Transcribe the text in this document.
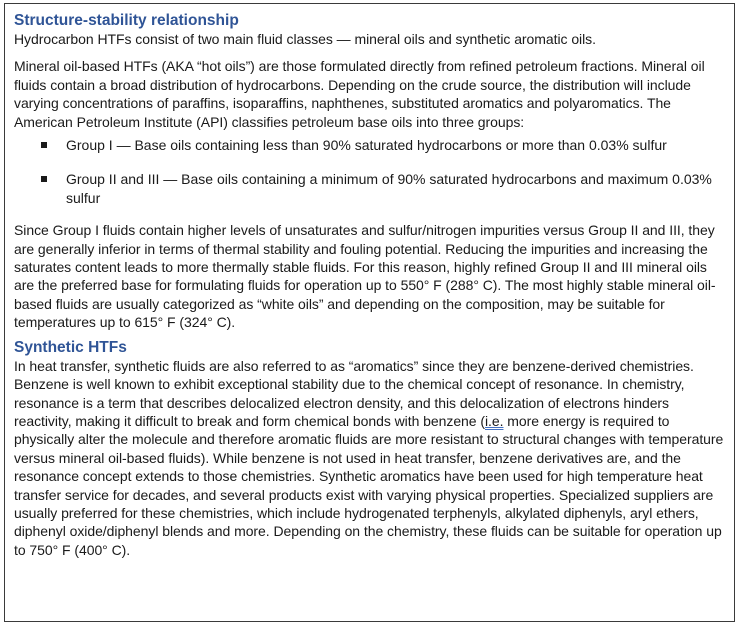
Structure-stability relationship

Hydrocarbon HTFs consist of two main fluid classes — mineral oils and synthetic aromatic oils.

Mineral oil-based HTFs (AKA “hot oils”) are those formulated directly from refined petroleum fractions. Mineral oil fluids contain a broad distribution of hydrocarbons. Depending on the crude source, the distribution will include varying concentrations of paraffins, isoparaffins, naphthenes, substituted aromatics and polyaromatics. The American Petroleum Institute (API) classifies petroleum base oils into three groups:

Group I — Base oils containing less than 90% saturated hydrocarbons or more than 0.03% sulfur
Group II and III — Base oils containing a minimum of 90% saturated hydrocarbons and maximum 0.03% sulfur

Since Group I fluids contain higher levels of unsaturates and sulfur/nitrogen impurities versus Group II and III, they are generally inferior in terms of thermal stability and fouling potential. Reducing the impurities and increasing the saturates content leads to more thermally stable fluids. For this reason, highly refined Group II and III mineral oils are the preferred base for formulating fluids for operation up to 550° F (288° C). The most highly stable mineral oil-based fluids are usually categorized as “white oils” and depending on the composition, may be suitable for temperatures up to 615° F (324° C).

Synthetic HTFs

In heat transfer, synthetic fluids are also referred to as “aromatics” since they are benzene-derived chemistries. Benzene is well known to exhibit exceptional stability due to the chemical concept of resonance. In chemistry, resonance is a term that describes delocalized electron density, and this delocalization of electrons hinders reactivity, making it difficult to break and form chemical bonds with benzene (i.e. more energy is required to physically alter the molecule and therefore aromatic fluids are more resistant to structural changes with temperature versus mineral oil-based fluids). While benzene is not used in heat transfer, benzene derivatives are, and the resonance concept extends to those chemistries. Synthetic aromatics have been used for high temperature heat transfer service for decades, and several products exist with varying physical properties. Specialized suppliers are usually preferred for these chemistries, which include hydrogenated terphenyls, alkylated diphenyls, aryl ethers, diphenyl oxide/diphenyl blends and more. Depending on the chemistry, these fluids can be suitable for operation up to 750° F (400° C).
